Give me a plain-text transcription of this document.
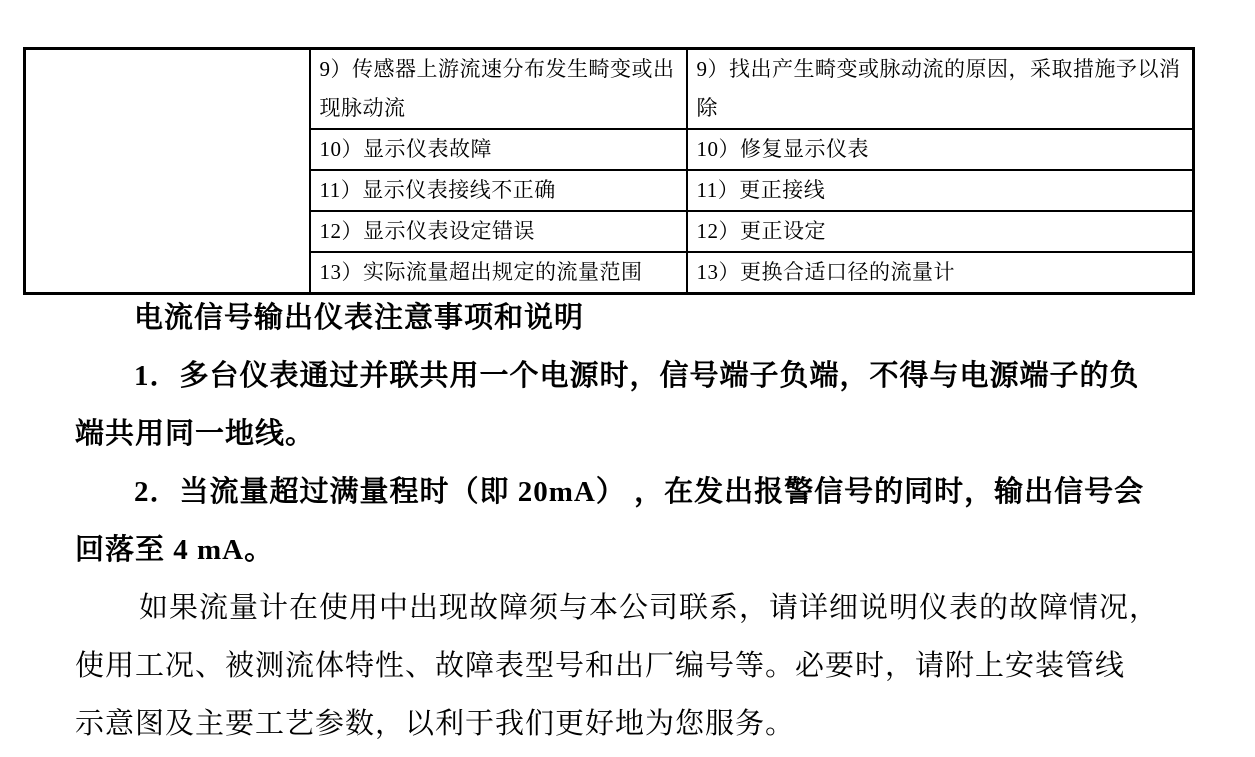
	9）传感器上游流速分布发生畸变或出现脉动流	9）找出产生畸变或脉动流的原因，采取措施予以消除
	10）显示仪表故障	10）修复显示仪表
	11）显示仪表接线不正确	11）更正接线
	12）显示仪表设定错误	12）更正设定
	13）实际流量超出规定的流量范围	13）更换合适口径的流量计
电流信号输出仪表注意事项和说明
1．多台仪表通过并联共用一个电源时，信号端子负端，不得与电源端子的负
端共用同一地线。
2．当流量超过满量程时（即 20mA） ，在发出报警信号的同时，输出信号会
回落至 4 mA。
如果流量计在使用中出现故障须与本公司联系，请详细说明仪表的故障情况，
使用工况、被测流体特性、故障表型号和出厂编号等。必要时，请附上安装管线
示意图及主要工艺参数，以利于我们更好地为您服务。
